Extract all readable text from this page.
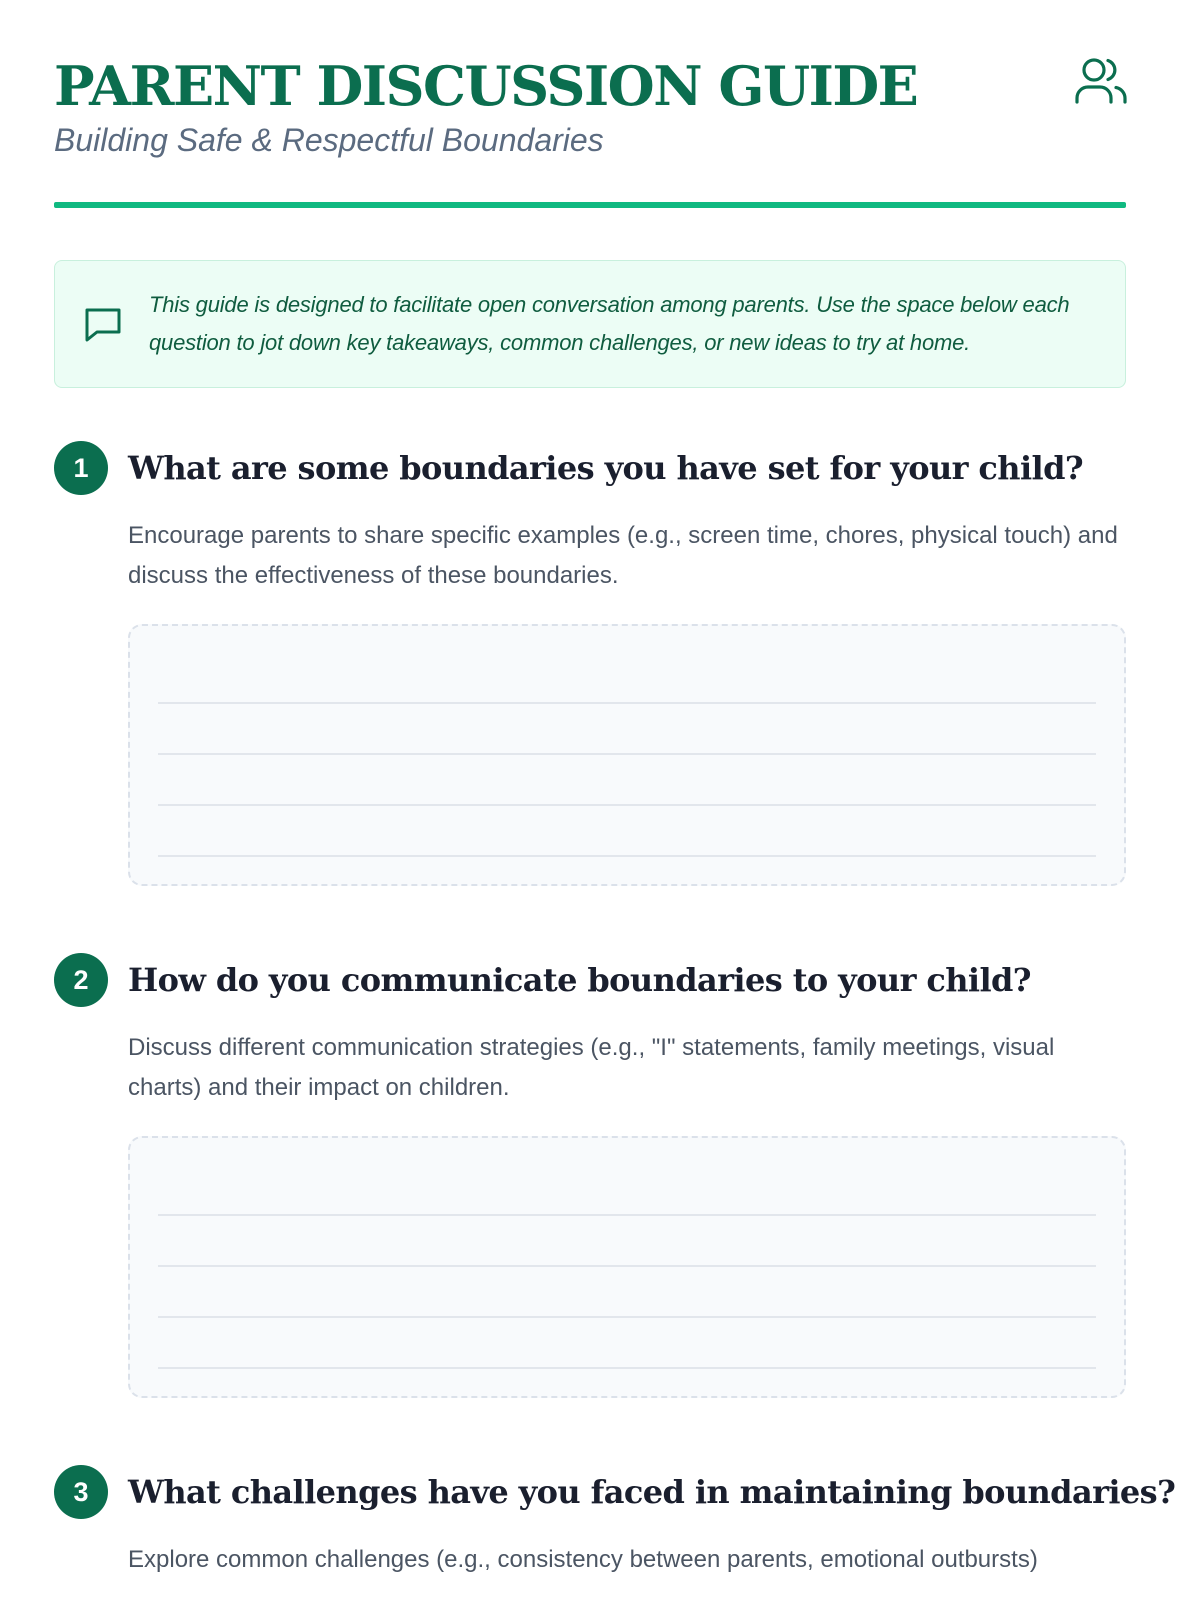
PARENT DISCUSSION GUIDE
Building Safe & Respectful Boundaries
This guide is designed to facilitate open conversation among parents. Use the space below each question to jot down key takeaways, common challenges, or new ideas to try at home.
1	What are some boundaries you have set for your child?
Encourage parents to share specific examples (e.g., screen time, chores, physical touch) and discuss the effectiveness of these boundaries.
2	How do you communicate boundaries to your child?
Discuss different communication strategies (e.g., "I" statements, family meetings, visual charts) and their impact on children.
3	What challenges have you faced in maintaining boundaries?
Explore common challenges (e.g., consistency between parents, emotional outbursts)
